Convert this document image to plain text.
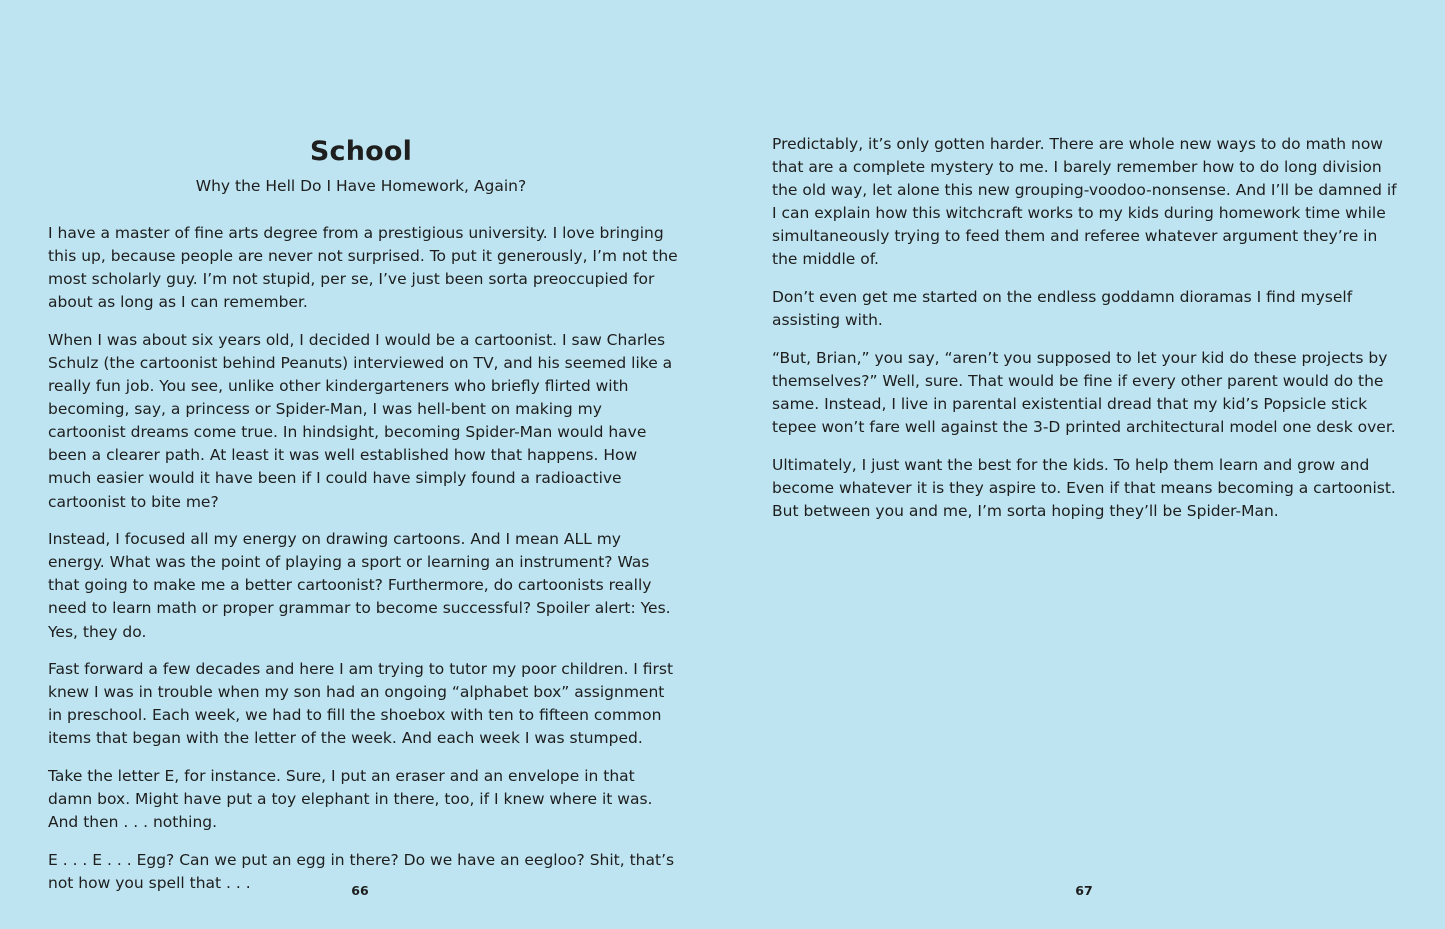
School
Why the Hell Do I Have Homework, Again?

I have a master of fine arts degree from a prestigious university. I love bringing this up, because people are never not surprised. To put it generously, I’m not the most scholarly guy. I’m not stupid, per se, I’ve just been sorta preoccupied for about as long as I can remember.

When I was about six years old, I decided I would be a cartoonist. I saw Charles Schulz (the cartoonist behind Peanuts) interviewed on TV, and his seemed like a really fun job. You see, unlike other kindergarteners who briefly flirted with becoming, say, a princess or Spider-Man, I was hell-bent on making my cartoonist dreams come true. In hindsight, becoming Spider-Man would have been a clearer path. At least it was well established how that happens. How much easier would it have been if I could have simply found a radioactive cartoonist to bite me?

Instead, I focused all my energy on drawing cartoons. And I mean ALL my energy. What was the point of playing a sport or learning an instrument? Was that going to make me a better cartoonist? Furthermore, do cartoonists really need to learn math or proper grammar to become successful? Spoiler alert: Yes. Yes, they do.

Fast forward a few decades and here I am trying to tutor my poor children. I first knew I was in trouble when my son had an ongoing “alphabet box” assignment in preschool. Each week, we had to fill the shoebox with ten to fifteen common items that began with the letter of the week. And each week I was stumped.

Take the letter E, for instance. Sure, I put an eraser and an envelope in that damn box. Might have put a toy elephant in there, too, if I knew where it was. And then . . . nothing.

E . . . E . . . Egg? Can we put an egg in there? Do we have an eegloo? Shit, that’s not how you spell that . . .	66

Predictably, it’s only gotten harder. There are whole new ways to do math now that are a complete mystery to me. I barely remember how to do long division the old way, let alone this new grouping-voodoo-nonsense. And I’ll be damned if I can explain how this witchcraft works to my kids during homework time while simultaneously trying to feed them and referee whatever argument they’re in the middle of.

Don’t even get me started on the endless goddamn dioramas I find myself assisting with.

“But, Brian,” you say, “aren’t you supposed to let your kid do these projects by themselves?” Well, sure. That would be fine if every other parent would do the same. Instead, I live in parental existential dread that my kid’s Popsicle stick tepee won’t fare well against the 3-D printed architectural model one desk over.

Ultimately, I just want the best for the kids. To help them learn and grow and become whatever it is they aspire to. Even if that means becoming a cartoonist. But between you and me, I’m sorta hoping they’ll be Spider-Man.

67
